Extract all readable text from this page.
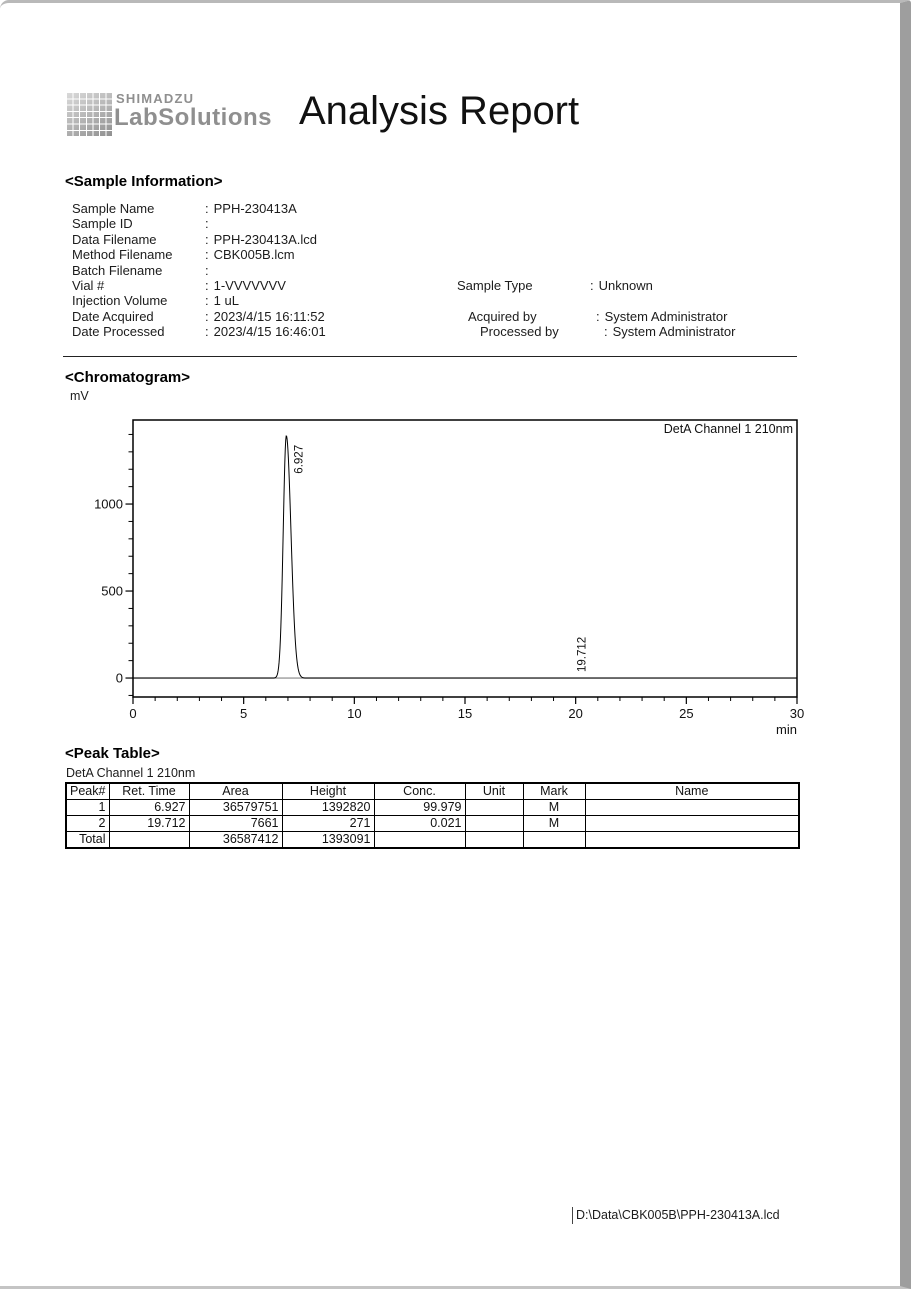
SHIMADZU
LabSolutions Analysis Report
<Sample Information>
Sample Name	: PPH-230413A
Sample ID	:
Data Filename	: PPH-230413A.lcd
Method Filename	: CBK005B.lcm
Batch Filename	:
Vial #	: 1-VVVVVVV
Injection Volume	: 1 uL
Date Acquired	: 2023/4/15 16:11:52
Date Processed	: 2023/4/15 16:46:01
Sample Type	: Unknown
Acquired by	: System Administrator
Processed by	: System Administrator
<Chromatogram>
mV
0
500
1000
0	5	10	15	20	25	30
min
DetA Channel 1 210nm
6.927
19.712
<Peak Table>
DetA Channel 1 210nm
Peak#	Ret. Time	Area	Height	Conc.	Unit	Mark	Name
1	6.927	36579751	1392820	99.979		M	
2	19.712	7661	271	0.021		M	
Total		36587412	1393091				
D:\Data\CBK005B\PPH-230413A.lcd
